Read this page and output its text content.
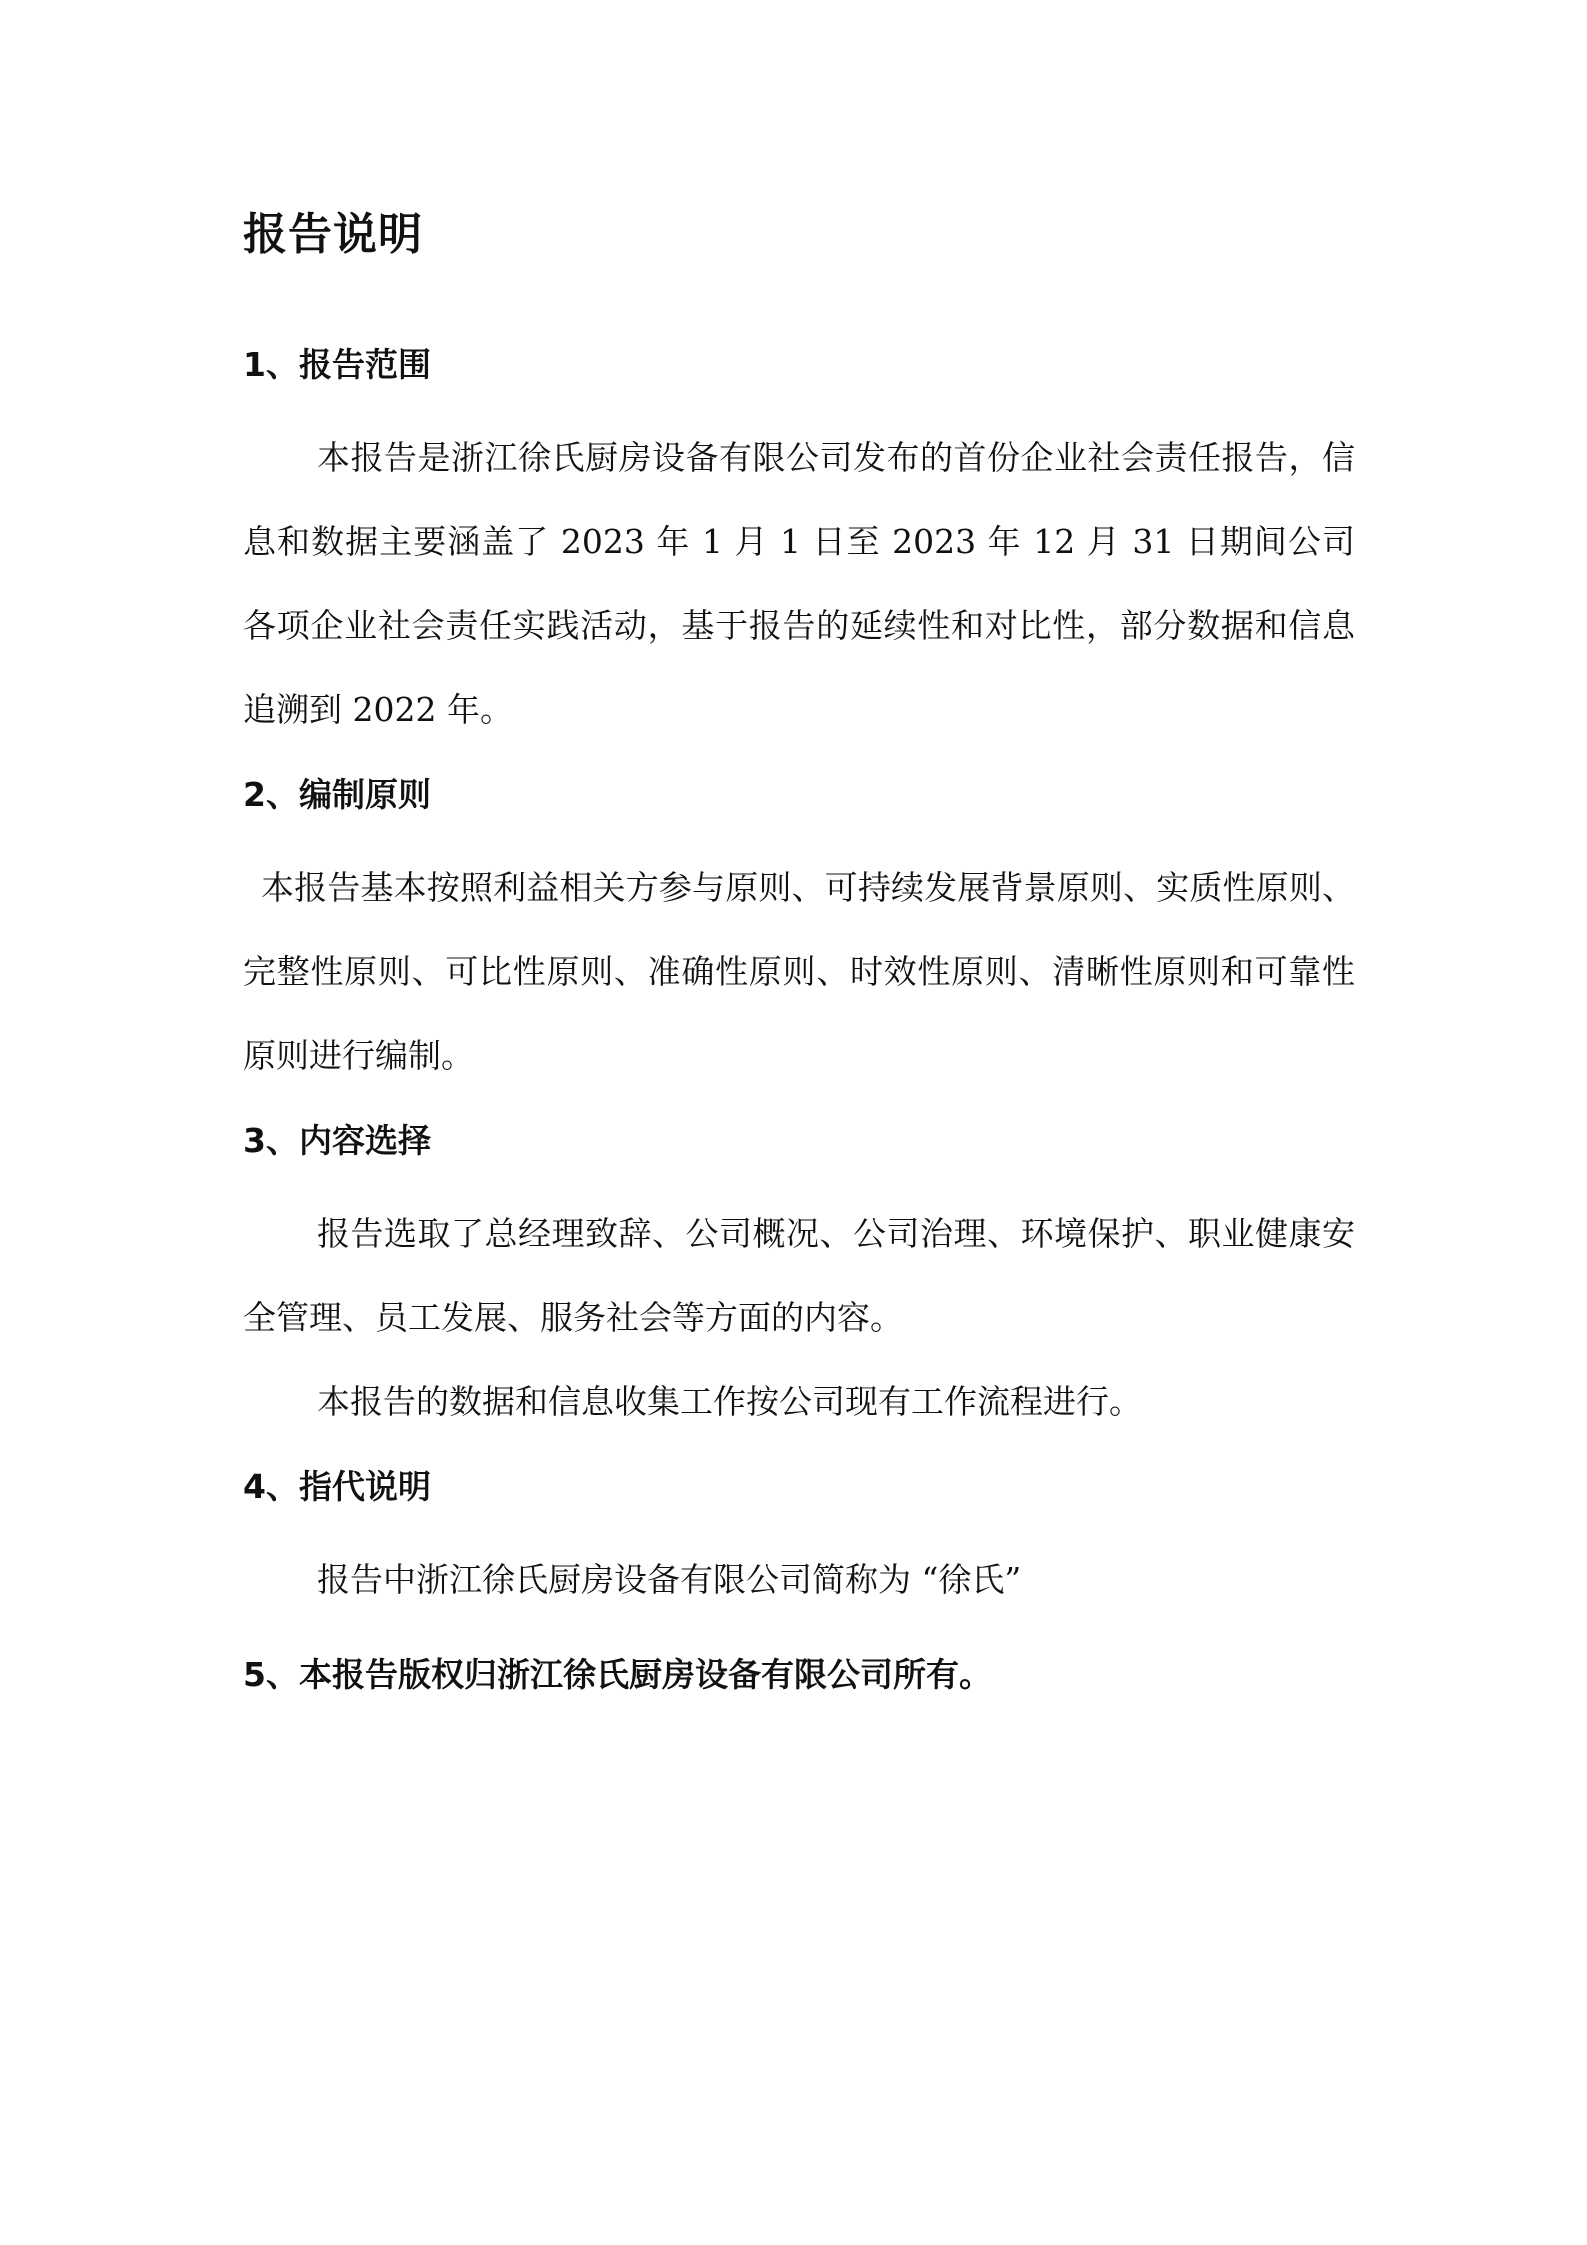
报告说明
1、报告范围

本报告是浙江徐氏厨房设备有限公司发布的首份企业社会责任报告，信息和数据主要涵盖了 2023 年 1 月 1 日至 2023 年 12 月 31 日期间公司各项企业社会责任实践活动，基于报告的延续性和对比性，部分数据和信息追溯到 2022 年。

2、编制原则

本报告基本按照利益相关方参与原则、可持续发展背景原则、实质性原则、完整性原则、可比性原则、准确性原则、时效性原则、清晰性原则和可靠性原则进行编制。

3、内容选择

报告选取了总经理致辞、公司概况、公司治理、环境保护、职业健康安全管理、员工发展、服务社会等方面的内容。

本报告的数据和信息收集工作按公司现有工作流程进行。

4、指代说明

报告中浙江徐氏厨房设备有限公司简称为 “徐氏”

5、本报告版权归浙江徐氏厨房设备有限公司所有。
